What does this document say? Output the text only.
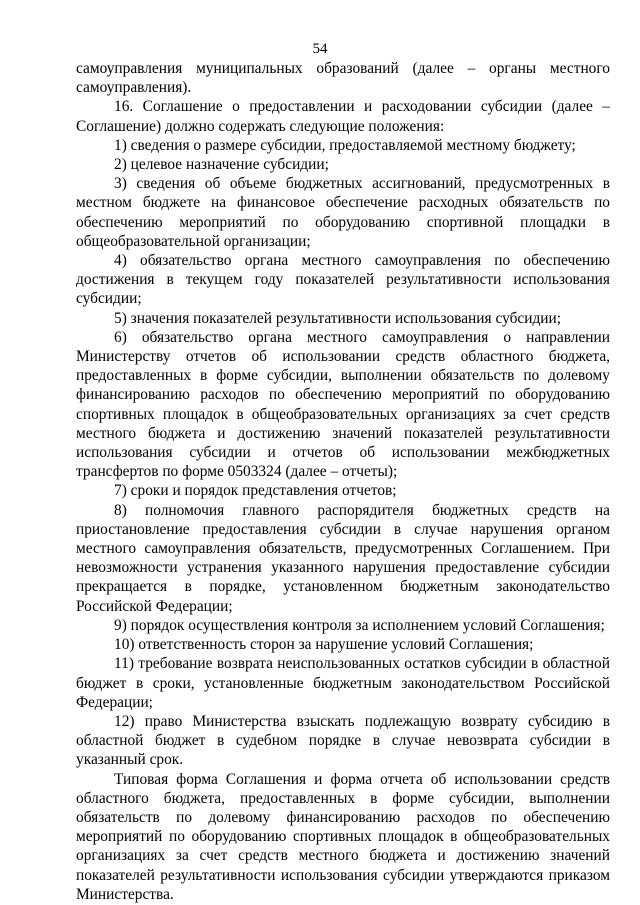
54

самоуправления муниципальных образований (далее – органы местного самоуправления).

16. Соглашение о предоставлении и расходовании субсидии (далее – Соглашение) должно содержать следующие положения:

1) сведения о размере субсидии, предоставляемой местному бюджету;

2) целевое назначение субсидии;

3) сведения об объеме бюджетных ассигнований, предусмотренных в местном бюджете на финансовое обеспечение расходных обязательств по обеспечению мероприятий по оборудованию спортивной площадки в общеобразовательной организации;

4) обязательство органа местного самоуправления по обеспечению достижения в текущем году показателей результативности использования субсидии;

5) значения показателей результативности использования субсидии;

6) обязательство органа местного самоуправления о направлении Министерству отчетов об использовании средств областного бюджета, предоставленных в форме субсидии, выполнении обязательств по долевому финансированию расходов по обеспечению мероприятий по оборудованию спортивных площадок в общеобразовательных организациях за счет средств местного бюджета и достижению значений показателей результативности использования субсидии и отчетов об использовании межбюджетных трансфертов по форме 0503324 (далее – отчеты);

7) сроки и порядок представления отчетов;

8) полномочия главного распорядителя бюджетных средств на приостановление предоставления субсидии в случае нарушения органом местного самоуправления обязательств, предусмотренных Соглашением. При невозможности устранения указанного нарушения предоставление субсидии прекращается в порядке, установленном бюджетным законодательство Российской Федерации;

9) порядок осуществления контроля за исполнением условий Соглашения;

10) ответственность сторон за нарушение условий Соглашения;

11) требование возврата неиспользованных остатков субсидии в областной бюджет в сроки, установленные бюджетным законодательством Российской Федерации;

12) право Министерства взыскать подлежащую возврату субсидию в областной бюджет в судебном порядке в случае невозврата субсидии в указанный срок.

Типовая форма Соглашения и форма отчета об использовании средств областного бюджета, предоставленных в форме субсидии, выполнении обязательств по долевому финансированию расходов по обеспечению мероприятий по оборудованию спортивных площадок в общеобразовательных организациях за счет средств местного бюджета и достижению значений показателей результативности использования субсидии утверждаются приказом Министерства.
